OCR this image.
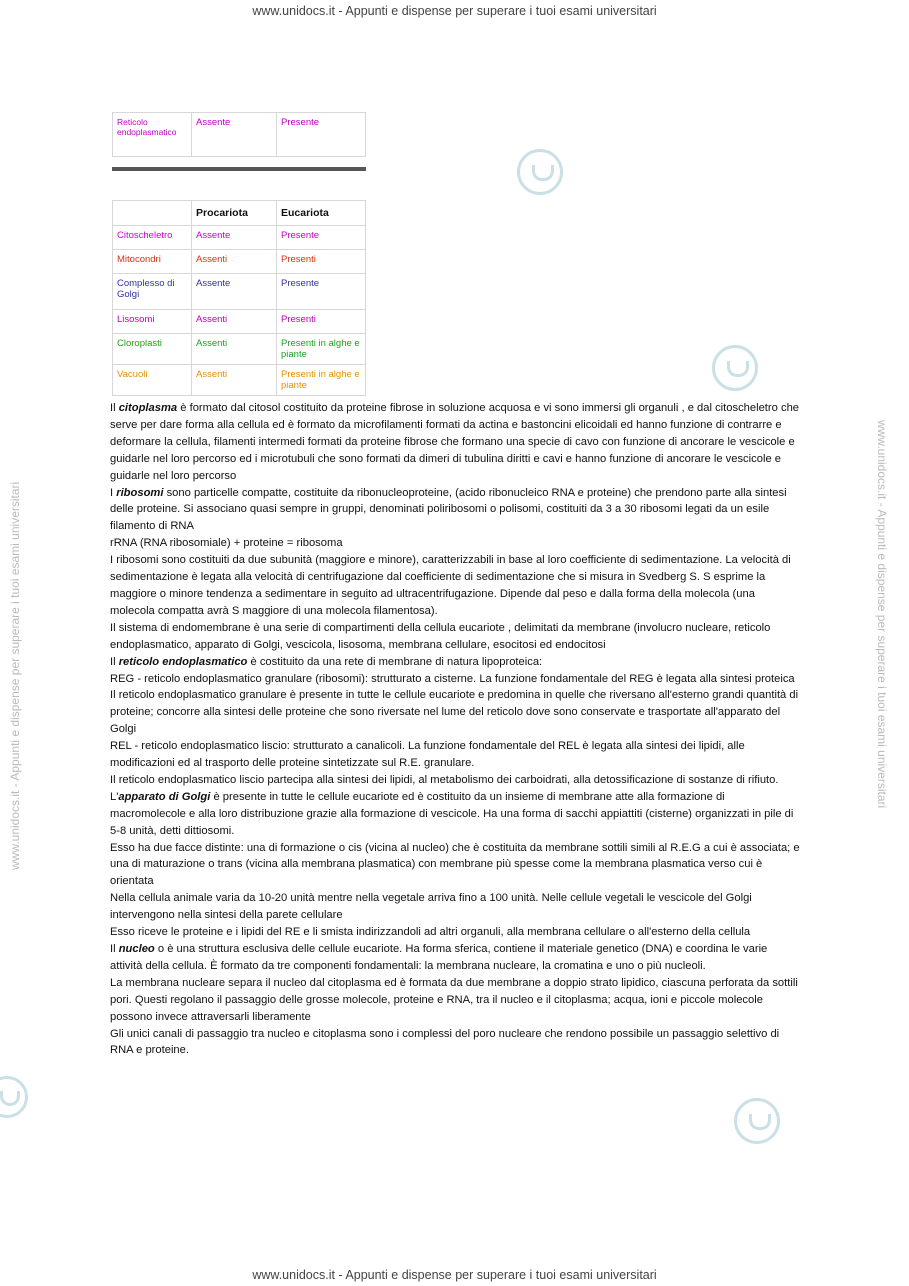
www.unidocs.it - Appunti e dispense per superare i tuoi esami universitari
www.unidocs.it - Appunti e dispense per superare i tuoi esami universitari
www.unidocs.it - Appunti e dispense per superare i tuoi esami universitari	www.unidocs.it - Appunti e dispense per superare i tuoi esami universitari
Reticolo endoplasmatico	Assente	Presente
	Procariota	Eucariota
Citoscheletro	Assente	Presente
Mitocondri	Assenti	Presenti
Complesso di Golgi	Assente	Presente
Lisosomi	Assenti	Presenti
Cloroplasti	Assenti	Presenti in alghe e piante
Vacuoli	Assenti	Presenti in alghe e piante

Il citoplasma è formato dal citosol costituito da proteine fibrose in soluzione acquosa e vi sono immersi gli organuli , e dal citoscheletro che serve per dare forma alla cellula ed è formato da microfilamenti formati da actina e bastoncini elicoidali ed hanno funzione di contrarre e deformare la cellula, filamenti intermedi formati da proteine fibrose che formano una specie di cavo con funzione di ancorare le vescicole e guidarle nel loro percorso ed i microtubuli che sono formati da dimeri di tubulina diritti e cavi e hanno funzione di ancorare le vescicole e guidarle nel loro percorso

I ribosomi sono particelle compatte, costituite da ribonucleoproteine, (acido ribonucleico RNA e proteine) che prendono parte alla sintesi delle proteine. Si associano quasi sempre in gruppi, denominati poliribosomi o polisomi, costituiti da 3 a 30 ribosomi legati da un esile filamento di RNA

rRNA (RNA ribosomiale) + proteine = ribosoma

I ribosomi sono costituiti da due subunità (maggiore e minore), caratterizzabili in base al loro coefficiente di sedimentazione. La velocità di sedimentazione è legata alla velocità di centrifugazione dal coefficiente di sedimentazione che si misura in Svedberg S. S esprime la maggiore o minore tendenza a sedimentare in seguito ad ultracentrifugazione. Dipende dal peso e dalla forma della molecola (una molecola compatta avrà S maggiore di una molecola filamentosa).

Il sistema di endomembrane è una serie di compartimenti della cellula eucariote , delimitati da membrane (involucro nucleare, reticolo endoplasmatico, apparato di Golgi, vescicola, lisosoma, membrana cellulare, esocitosi ed endocitosi

Il reticolo endoplasmatico è costituito da una rete di membrane di natura lipoproteica:

REG - reticolo endoplasmatico granulare (ribosomi): strutturato a cisterne. La funzione fondamentale del REG è legata alla sintesi proteica

Il reticolo endoplasmatico granulare è presente in tutte le cellule eucariote e predomina in quelle che riversano all'esterno grandi quantità di proteine; concorre alla sintesi delle proteine che sono riversate nel lume del reticolo dove sono conservate e trasportate all'apparato del Golgi

REL - reticolo endoplasmatico liscio: strutturato a canalicoli. La funzione fondamentale del REL è legata alla sintesi dei lipidi, alle modificazioni ed al trasporto delle proteine sintetizzate sul R.E. granulare.

Il reticolo endoplasmatico liscio partecipa alla sintesi dei lipidi, al metabolismo dei carboidrati, alla detossificazione di sostanze di rifiuto.

L'apparato di Golgi è presente in tutte le cellule eucariote ed è costituito da un insieme di membrane atte alla formazione di macromolecole e alla loro distribuzione grazie alla formazione di vescicole. Ha una forma di sacchi appiattiti (cisterne) organizzati in pile di 5-8 unità, detti dittiosomi.

Esso ha due facce distinte: una di formazione o cis (vicina al nucleo) che è costituita da membrane sottili simili al R.E.G a cui è associata; e una di maturazione o trans (vicina alla membrana plasmatica) con membrane più spesse come la membrana plasmatica verso cui è orientata

Nella cellula animale varia da 10-20 unità mentre nella vegetale arriva fino a 100 unità. Nelle cellule vegetali le vescicole del Golgi intervengono nella sintesi della parete cellulare

Esso riceve le proteine e i lipidi del RE e li smista indirizzandoli ad altri organuli, alla membrana cellulare o all'esterno della cellula

Il nucleo o è una struttura esclusiva delle cellule eucariote. Ha forma sferica, contiene il materiale genetico (DNA) e coordina le varie attività della cellula. È formato da tre componenti fondamentali: la membrana nucleare, la cromatina e uno o più nucleoli.

La membrana nucleare separa il nucleo dal citoplasma ed è formata da due membrane a doppio strato lipidico, ciascuna perforata da sottili pori. Questi regolano il passaggio delle grosse molecole, proteine e RNA, tra il nucleo e il citoplasma; acqua, ioni e piccole molecole possono invece attraversarli liberamente

Gli unici canali di passaggio tra nucleo e citoplasma sono i complessi del poro nucleare che rendono possibile un passaggio selettivo di RNA e proteine.
